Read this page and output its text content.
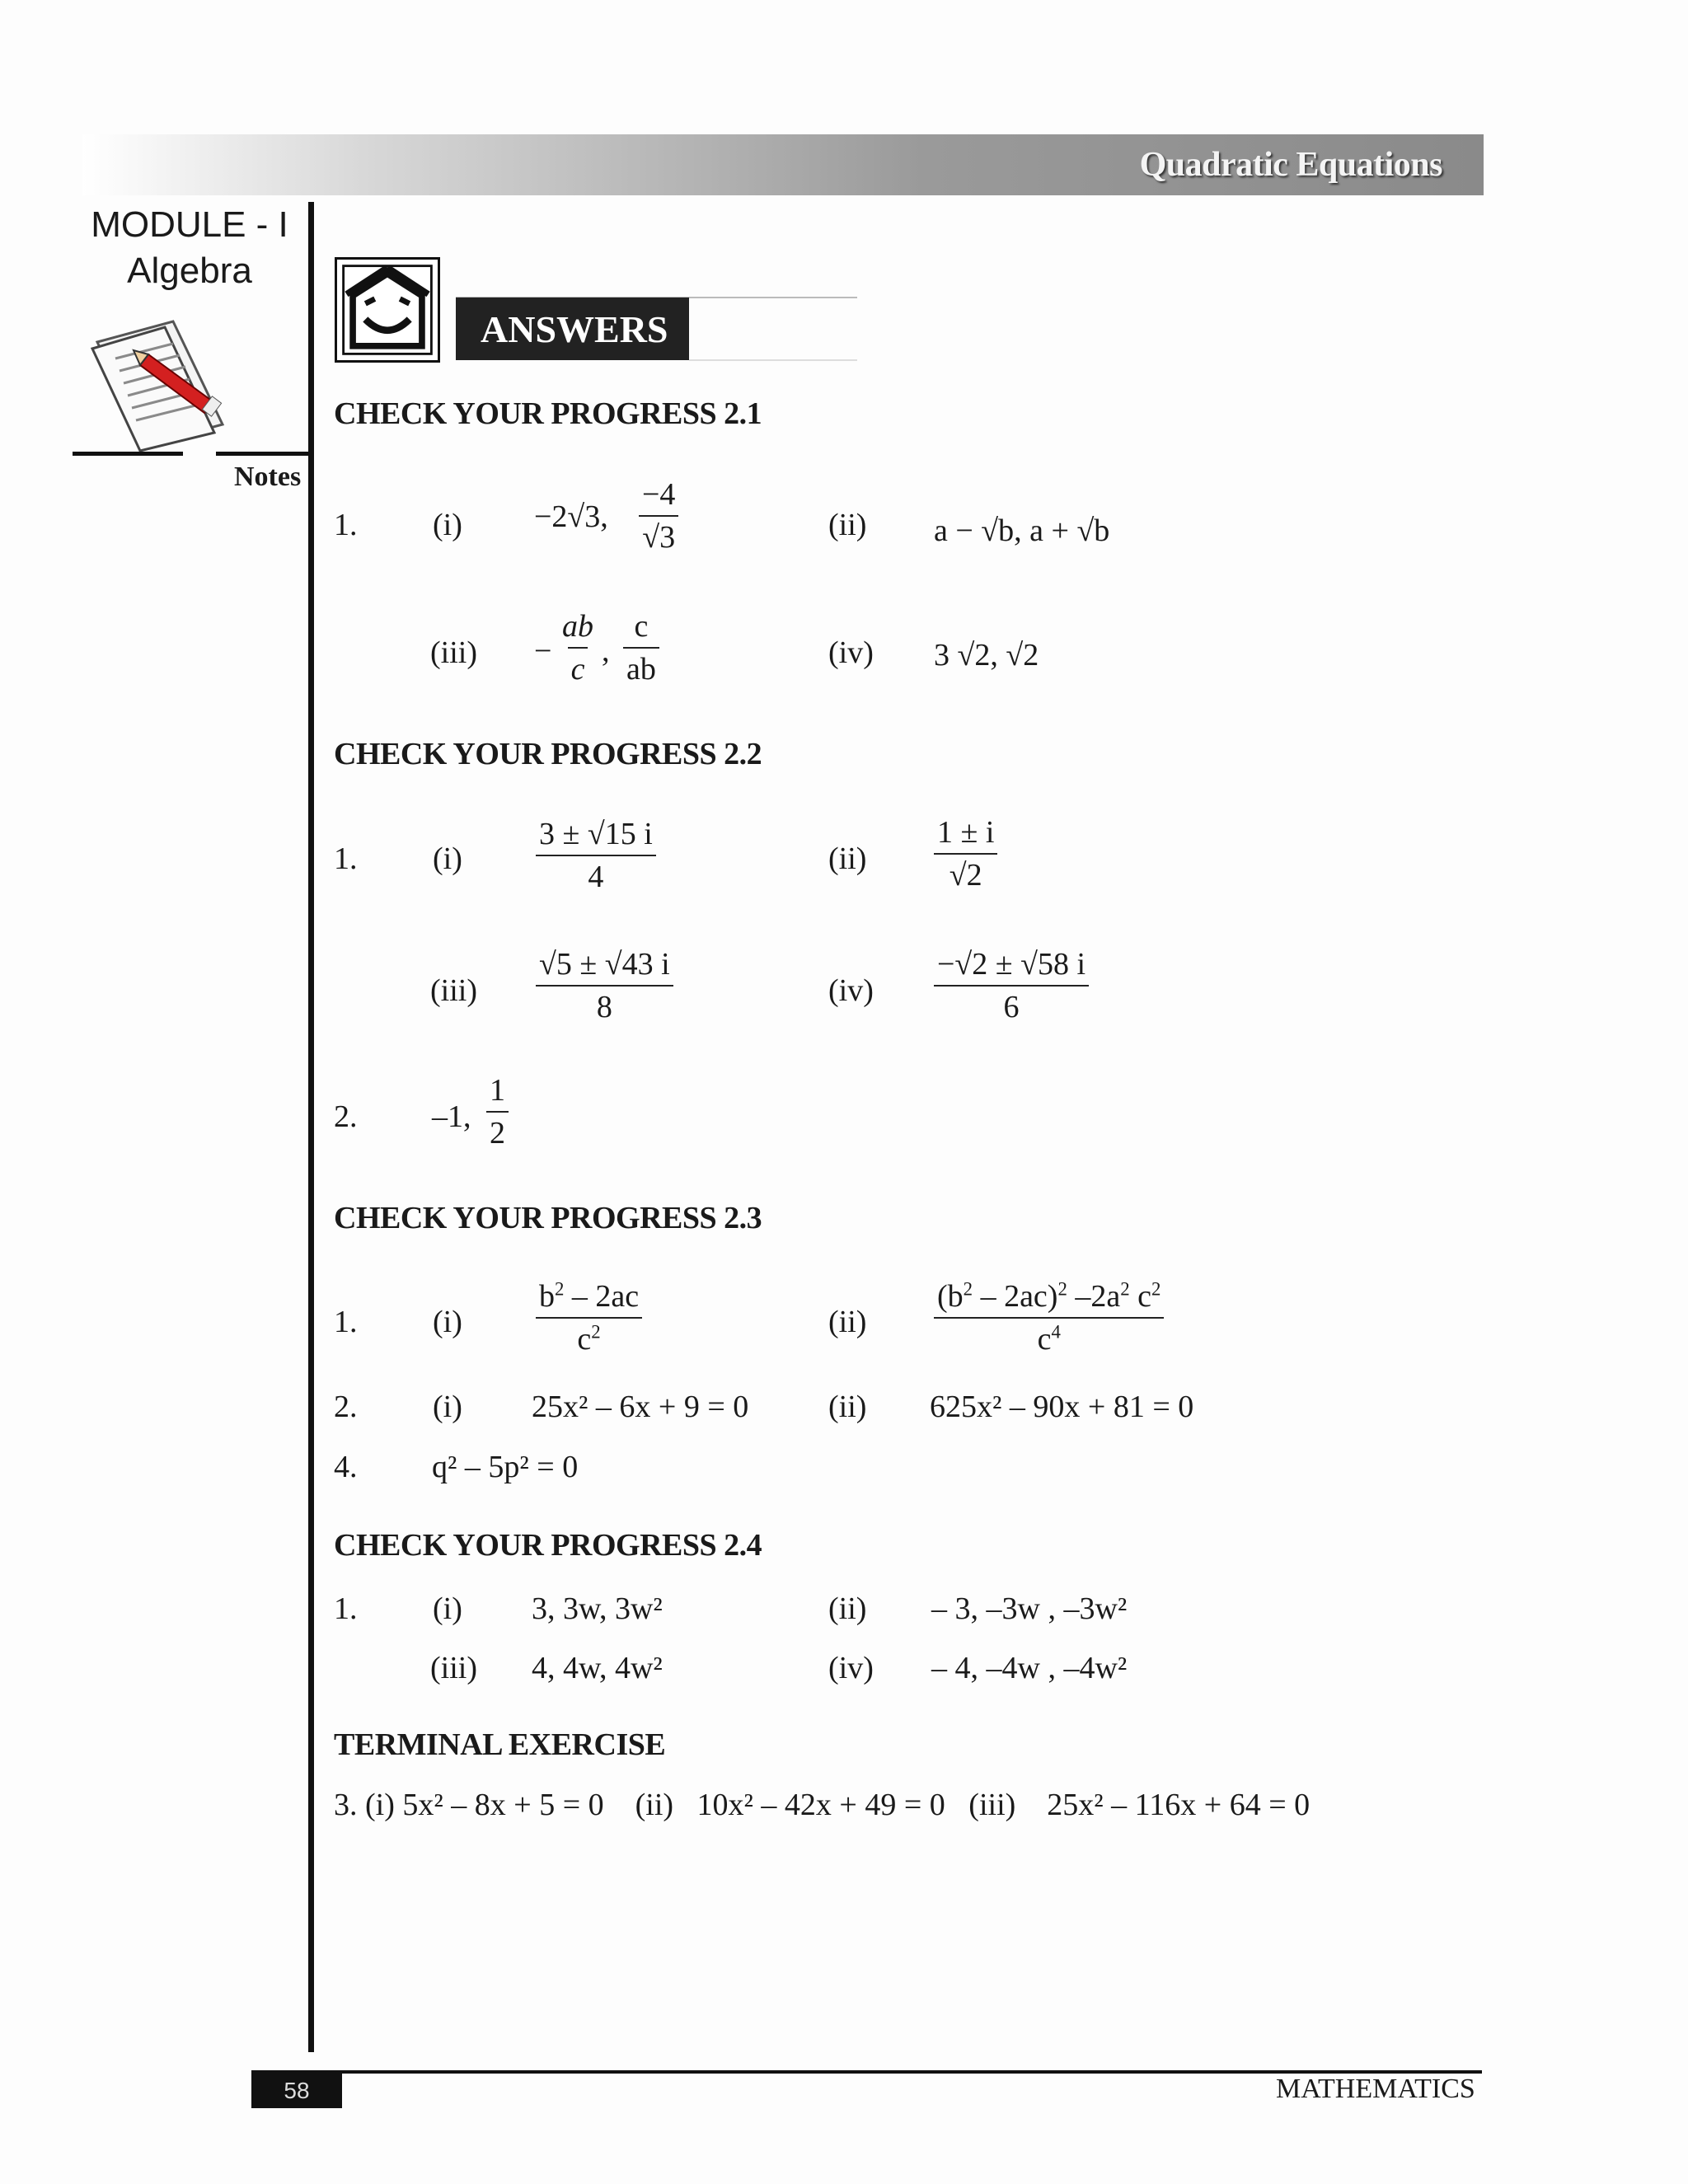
Quadratic Equations
MODULE - I
Algebra
Notes
ANSWERS
CHECK YOUR PROGRESS 2.1
1. (i) −2√3, $\frac{-4}{√3}$	(ii) a − √b, a + √b
$(iii) - \frac{ab}{c}$ , $\frac{c}{ab}$	(iv) 3 √2, √2
CHECK YOUR PROGRESS 2.2
1. $(i) \frac{3 \pm √15 i}{4}$	$(ii) \frac{1 \pm i}{√2}$
$(iii) \frac{√5 \pm √43 i}{8}$	$(iv) \frac{-√2 \pm √58 i}{6}$
2. –1, $\frac{1}{2}$
CHECK YOUR PROGRESS 2.3
1. $(i) \frac{b^2 - 2ac}{c^2}$	$(ii) \frac{(b^2 - 2ac)^2 -2a^2 c^2}{c^4}$
2. (i) 25x² – 6x + 9 = 0	(ii) 625x² – 90x + 81 = 0
4. q² – 5p² = 0
CHECK YOUR PROGRESS 2.4
1. (i) 3, 3w, 3w²	(ii) – 3, –3w , –3w²
(iii) 4, 4w, 4w²	(iv) – 4, –4w , –4w²
TERMINAL EXERCISE
3. (i) 5x² – 8x + 5 = 0    (ii)   10x² – 42x + 49 = 0   (iii)    25x² – 116x + 64 = 0
58	MATHEMATICS
